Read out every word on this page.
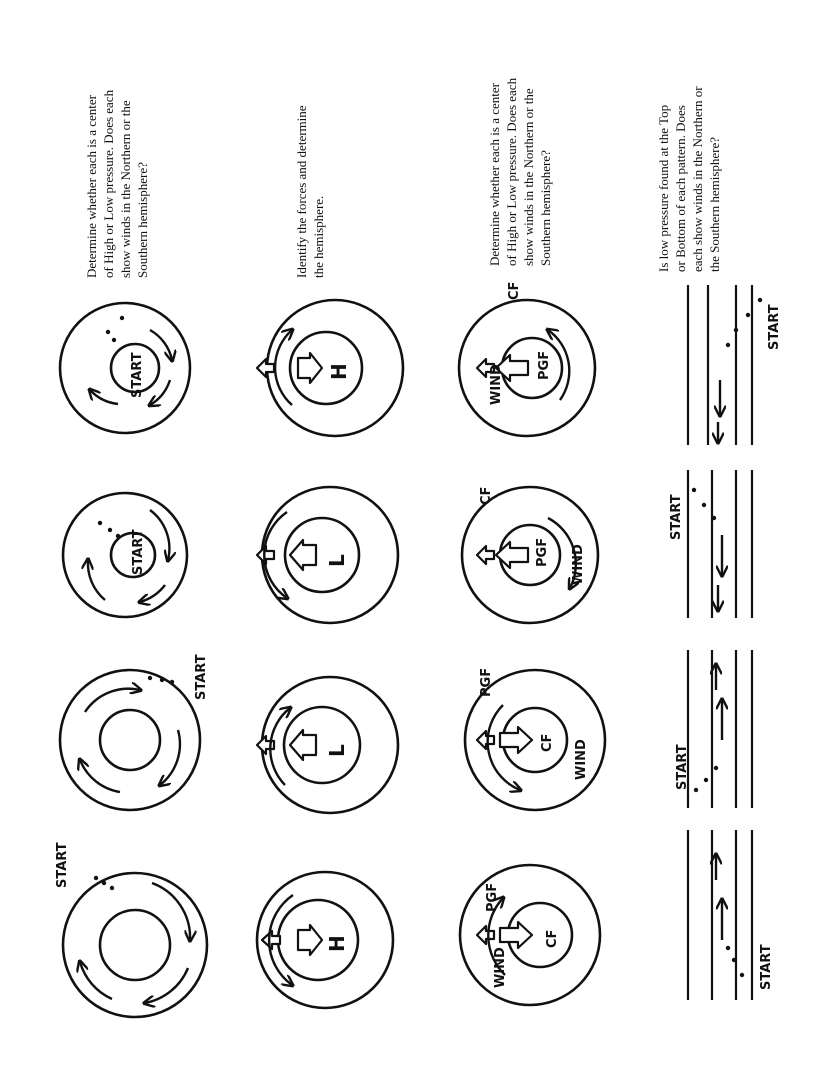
Determine whether each is a center of High or Low pressure. Does each show winds in the Northern or the Southern hemisphere?	Identify the forces and determine the hemisphere.	Determine whether each is a center of High or Low pressure. Does each show winds in the Northern or the Southern hemisphere?	Is low pressure found at the Top or Bottom of each pattern. Does each show winds in the Northern or the Southern hemisphere?
START
START
START
START
H
L
L
H
CF
PGF
WIND
CF
PGF
WIND
PGF
CF
WIND
PGF
CF
WIND
START
START
START
START
